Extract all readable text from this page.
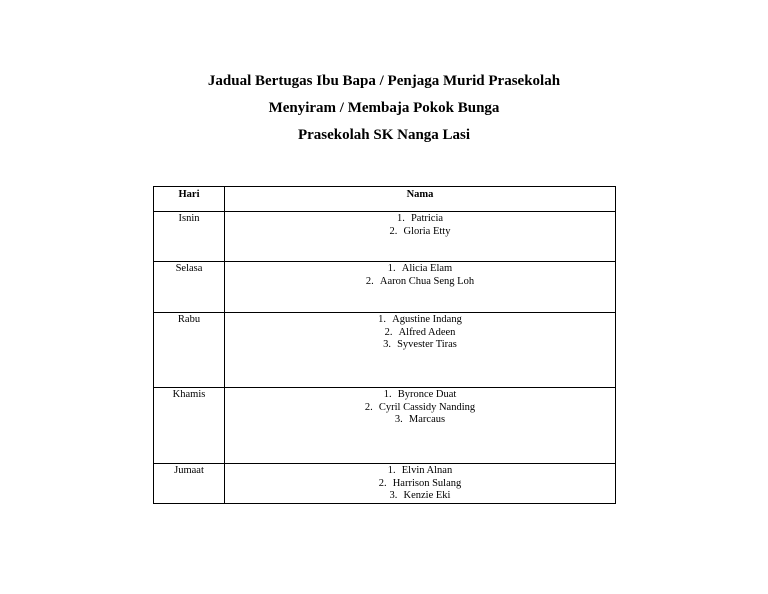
Jadual Bertugas Ibu Bapa / Penjaga Murid Prasekolah

Menyiram / Membaja Pokok Bunga

Prasekolah SK Nanga Lasi

Hari	Nama
Isnin	1. Patricia
2. Gloria Etty

Selasa	1. Alicia Elam
2. Aaron Chua Seng Loh

Rabu	1. Agustine Indang
2. Alfred Adeen
3. Syvester Tiras

Khamis	1. Byronce Duat
2. Cyril Cassidy Nanding
3. Marcaus

Jumaat	1. Elvin Alnan
2. Harrison Sulang
3. Kenzie Eki
